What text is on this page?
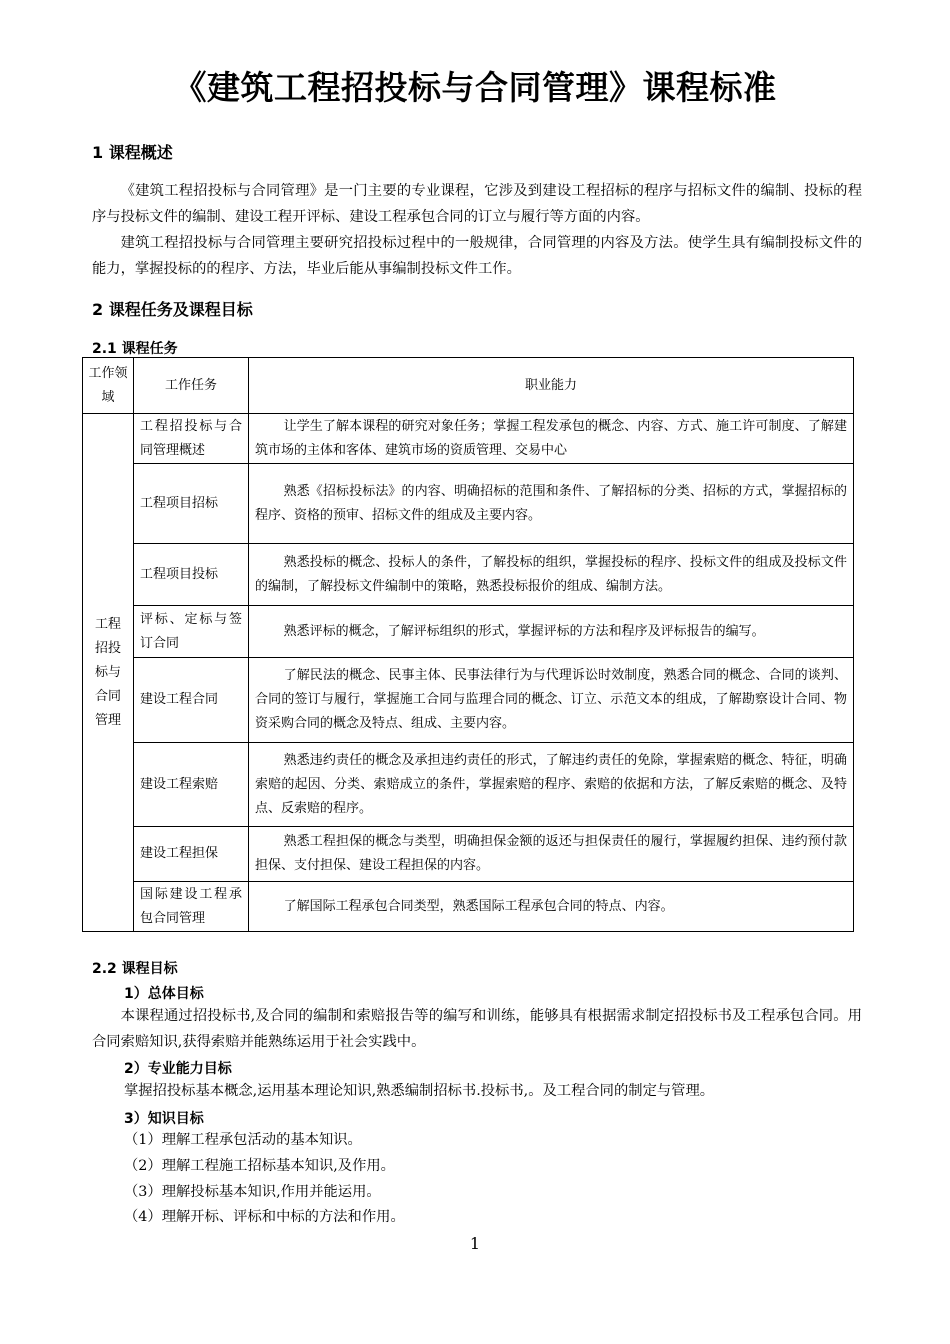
《建筑工程招投标与合同管理》课程标准
1 课程概述
《建筑工程招投标与合同管理》是一门主要的专业课程，它涉及到建设工程招标的程序与招标文件的编制、投标的程序与投标文件的编制、建设工程开评标、建设工程承包合同的订立与履行等方面的内容。
建筑工程招投标与合同管理主要研究招投标过程中的一般规律，合同管理的内容及方法。使学生具有编制投标文件的能力，掌握投标的的程序、方法，毕业后能从事编制投标文件工作。
2 课程任务及课程目标
2.1 课程任务
工作领域	工作任务	职业能力
工程招投标与合同管理	工程招投标与合同管理概述	让学生了解本课程的研究对象任务；掌握工程发承包的概念、内容、方式、施工许可制度、了解建筑市场的主体和客体、建筑市场的资质管理、交易中心
	工程项目招标	熟悉《招标投标法》的内容、明确招标的范围和条件、了解招标的分类、招标的方式，掌握招标的程序、资格的预审、招标文件的组成及主要内容。
	工程项目投标	熟悉投标的概念、投标人的条件，了解投标的组织，掌握投标的程序、投标文件的组成及投标文件的编制，了解投标文件编制中的策略，熟悉投标报价的组成、编制方法。
	评标、定标与签订合同	熟悉评标的概念，了解评标组织的形式，掌握评标的方法和程序及评标报告的编写。
	建设工程合同	了解民法的概念、民事主体、民事法律行为与代理诉讼时效制度，熟悉合同的概念、合同的谈判、合同的签订与履行，掌握施工合同与监理合同的概念、订立、示范文本的组成，了解勘察设计合同、物资采购合同的概念及特点、组成、主要内容。
	建设工程索赔	熟悉违约责任的概念及承担违约责任的形式，了解违约责任的免除，掌握索赔的概念、特征，明确索赔的起因、分类、索赔成立的条件，掌握索赔的程序、索赔的依据和方法，了解反索赔的概念、及特点、反索赔的程序。
	建设工程担保	熟悉工程担保的概念与类型，明确担保金额的返还与担保责任的履行，掌握履约担保、违约预付款担保、支付担保、建设工程担保的内容。
	国际建设工程承包合同管理	了解国际工程承包合同类型，熟悉国际工程承包合同的特点、内容。
2.2 课程目标
1）总体目标
本课程通过招投标书,及合同的编制和索赔报告等的编写和训练，能够具有根据需求制定招投标书及工程承包合同。用合同索赔知识,获得索赔并能熟练运用于社会实践中。
2）专业能力目标
掌握招投标基本概念,运用基本理论知识,熟悉编制招标书.投标书,。及工程合同的制定与管理。
3）知识目标
（1）理解工程承包活动的基本知识。
（2）理解工程施工招标基本知识,及作用。
（3）理解投标基本知识,作用并能运用。
（4）理解开标、评标和中标的方法和作用。
1
